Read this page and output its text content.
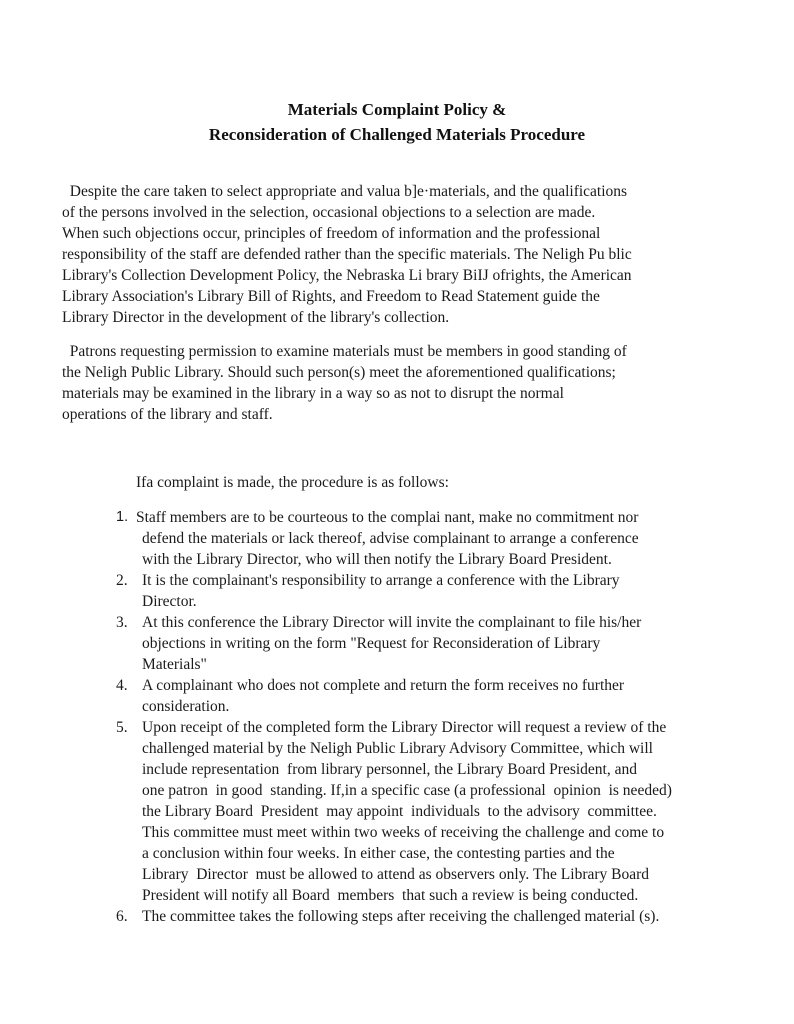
Materials Complaint Policy &
Reconsideration of Challenged Materials Procedure
Despite the care taken to select appropriate and valua b]e·materials, and the qualifications
of the persons involved in the selection, occasional objections to a selection are made.
When such objections occur, principles of freedom of information and the professional
responsibility of the staff are defended rather than the specific materials. The Neligh Pu blic
Library's Collection Development Policy, the Nebraska Li brary BiIJ ofrights, the American
Library Association's Library Bill of Rights, and Freedom to Read Statement guide the
Library Director in the development of the library's collection.
Patrons requesting permission to examine materials must be members in good standing of
the Neligh Public Library. Should such person(s) meet the aforementioned qualifications;
materials may be examined in the library in a way so as not to disrupt the normal
operations of the library and staff.
Ifa complaint is made, the procedure is as follows:
1. Staff members are to be courteous to the complai nant, make no commitment nor
defend the materials or lack thereof, advise complainant to arrange a conference
with the Library Director, who will then notify the Library Board President.
2. It is the complainant's responsibility to arrange a conference with the Library
Director.
3. At this conference the Library Director will invite the complainant to file his/her
objections in writing on the form "Request for Reconsideration of Library
Materials"
4. A complainant who does not complete and return the form receives no further
consideration.
5. Upon receipt of the completed form the Library Director will request a review of the
challenged material by the Neligh Public Library Advisory Committee, which will
include representation  from library personnel, the Library Board President, and
one patron  in good  standing. If,in a specific case (a professional  opinion  is needed)
the Library Board  President  may appoint  individuals  to the advisory  committee.
This committee must meet within two weeks of receiving the challenge and come to
a conclusion within four weeks. In either case, the contesting parties and the
Library  Director  must be allowed to attend as observers only. The Library Board
President will notify all Board  members  that such a review is being conducted.
6. The committee takes the following steps after receiving the challenged material (s).
